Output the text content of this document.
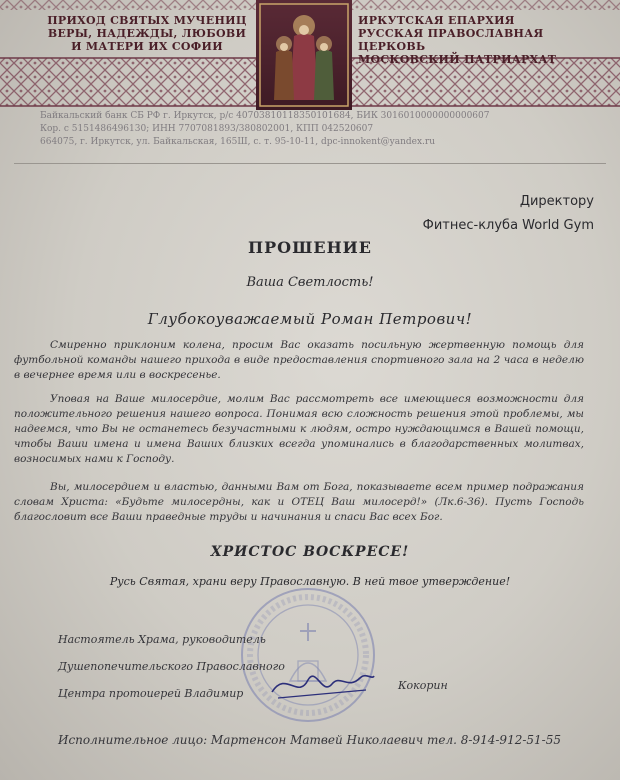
ПРИХОД СВЯТЫХ МУЧЕНИЦ
ВЕРЫ, НАДЕЖДЫ, ЛЮБОВИ
И МАТЕРИ ИХ СОФИИ
ИРКУТСКАЯ ЕПАРХИЯ
РУССКАЯ ПРАВОСЛАВНАЯ ЦЕРКОВЬ
МОСКОВСКИЙ ПАТРИАРХАТ
Байкальский банк СБ РФ г. Иркутск, р/с 40703810118350101684, БИК 3016010000000000607
Кор. с 5151486496130; ИНН 7707081893/380802001, КПП 042520607
664075, г. Иркутск, ул. Байкальская, 165Ш, с. т. 95-10-11, dpc-innokent@yandex.ru
Директору
Фитнес-клуба World Gym
ПРОШЕНИЕ
Ваша Светлость!
Глубокоуважаемый Роман Петрович!

Смиренно приклоним колена, просим Вас оказать посильную жертвенную помощь для футбольной команды нашего прихода в виде предоставления спортивного зала на 2 часа в неделю в вечернее время или в воскресенье.

Уповая на Ваше милосердие, молим Вас рассмотреть все имеющиеся возможности для положительного решения нашего вопроса. Понимая всю сложность решения этой проблемы, мы надеемся, что Вы не останетесь безучастными к людям, остро нуждающимся в Вашей помощи, чтобы Ваши имена и имена Ваших близких всегда упоминались в благодарственных молитвах, возносимых нами к Господу.

Вы, милосердием и властью, данными Вам от Бога, показываете всем пример подражания словам Христа: «Будьте милосердны, как и ОТЕЦ Ваш милосерд!» (Лк.6-36). Пусть Господь благословит все Ваши праведные труды и начинания и спаси Вас всех Бог.

ХРИСТОС ВОСКРЕСЕ!
Русь Святая, храни веру Православную. В ней твое утверждение!
Настоятель Храма, руководитель
Душепопечительского Православного
Центра протоиерей Владимир
Кокорин
Исполнительное лицо: Мартенсон Матвей Николаевич тел. 8-914-912-51-55
